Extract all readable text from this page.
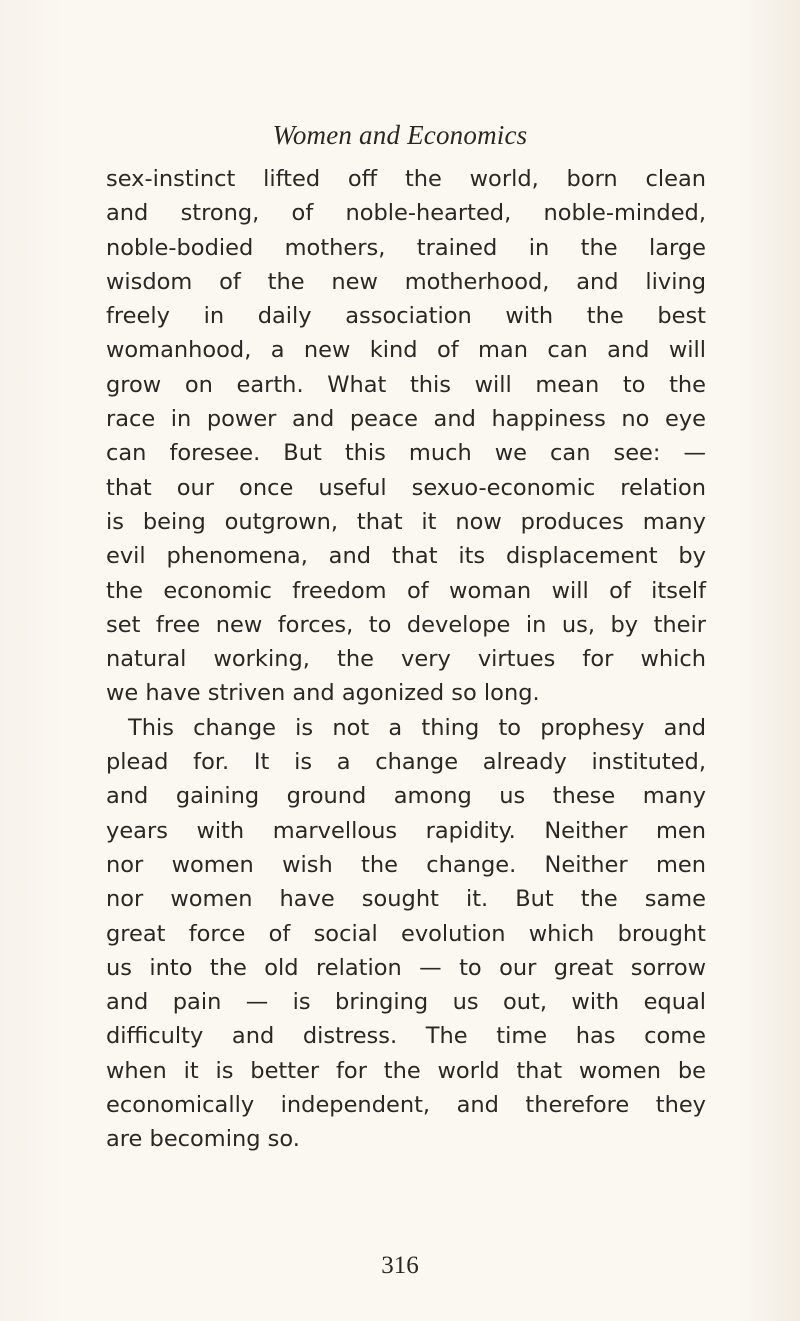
Women and Economics
sex-instinct lifted off the world, born clean
and strong, of noble-hearted, noble-minded,
noble-bodied mothers, trained in the large
wisdom of the new motherhood, and living
freely in daily association with the best
womanhood, a new kind of man can and will
grow on earth. What this will mean to the
race in power and peace and happiness no eye
can foresee. But this much we can see: —
that our once useful sexuo-economic relation
is being outgrown, that it now produces many
evil phenomena, and that its displacement by
the economic freedom of woman will of itself
set free new forces, to develope in us, by their
natural working, the very virtues for which
we have striven and agonized so long.
This change is not a thing to prophesy and
plead for. It is a change already instituted,
and gaining ground among us these many
years with marvellous rapidity. Neither men
nor women wish the change. Neither men
nor women have sought it. But the same
great force of social evolution which brought
us into the old relation — to our great sorrow
and pain — is bringing us out, with equal
difficulty and distress. The time has come
when it is better for the world that women be
economically independent, and therefore they
are becoming so.
316
